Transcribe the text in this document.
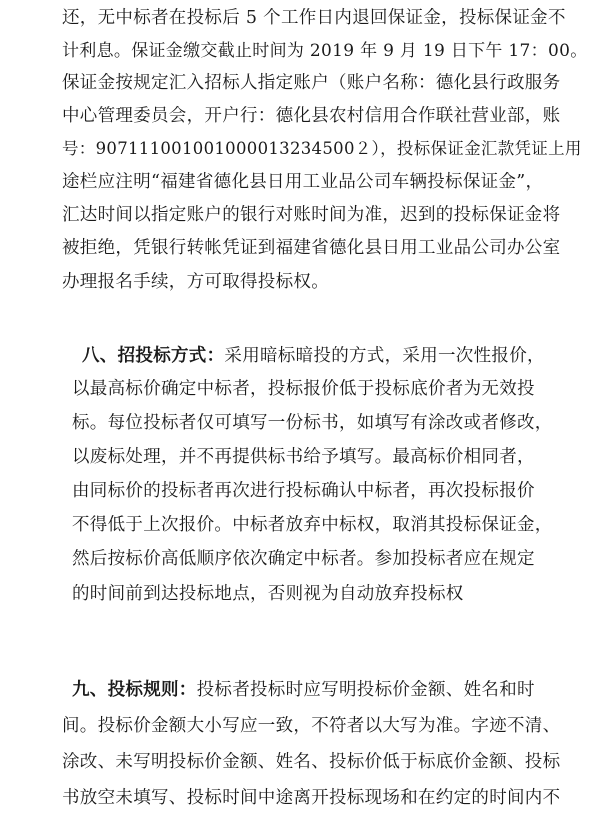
还，无中标者在投标后 5 个工作日内退回保证金，投标保证金不
计利息。保证金缴交截止时间为 2019 年 9 月 19 日下午 17：00。
保证金按规定汇入招标人指定账户（账户名称：德化县行政服务
中心管理委员会，开户行：德化县农村信用合作联社营业部，账
号：907111001001000013234500２），投标保证金汇款凭证上用
途栏应注明“福建省德化县日用工业品公司车辆投标保证金”，
汇达时间以指定账户的银行对账时间为准，迟到的投标保证金将
被拒绝，凭银行转帐凭证到福建省德化县日用工业品公司办公室
办理报名手续，方可取得投标权。
八、招投标方式：采用暗标暗投的方式，采用一次性报价，
以最高标价确定中标者，投标报价低于投标底价者为无效投
标。每位投标者仅可填写一份标书，如填写有涂改或者修改，
以废标处理，并不再提供标书给予填写。最高标价相同者，
由同标价的投标者再次进行投标确认中标者，再次投标报价
不得低于上次报价。中标者放弃中标权，取消其投标保证金，
然后按标价高低顺序依次确定中标者。参加投标者应在规定
的时间前到达投标地点，否则视为自动放弃投标权
九、投标规则：投标者投标时应写明投标价金额、姓名和时
间。投标价金额大小写应一致，不符者以大写为准。字迹不清、
涂改、未写明投标价金额、姓名、投标价低于标底价金额、投标
书放空未填写、投标时间中途离开投标现场和在约定的时间内不
